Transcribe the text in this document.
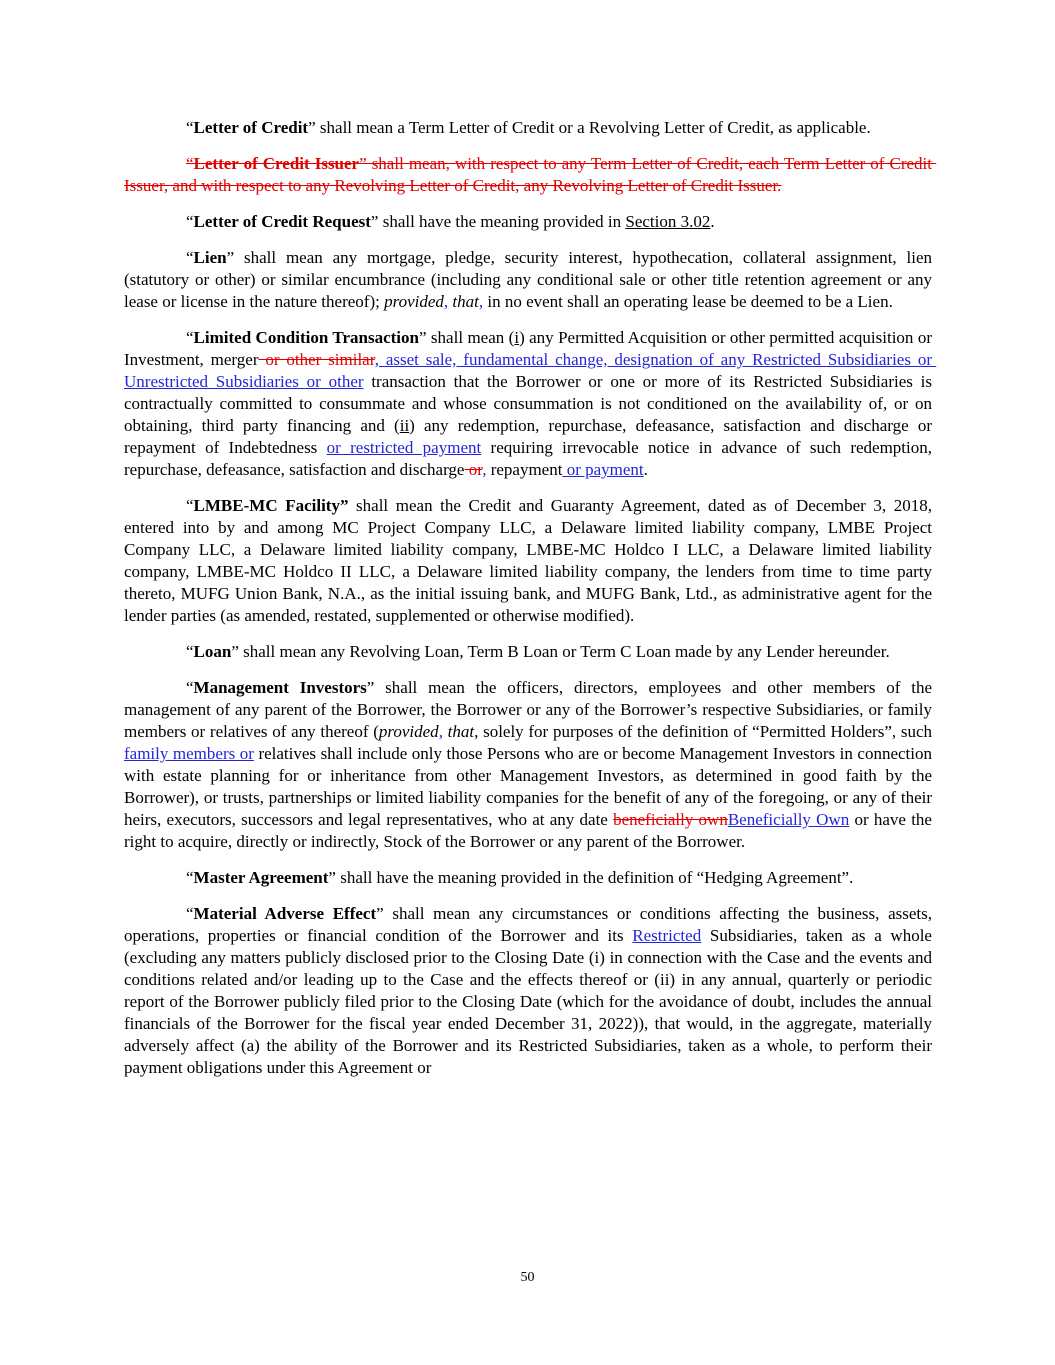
“Letter of Credit” shall mean a Term Letter of Credit or a Revolving Letter of Credit, as applicable.

“Letter of Credit Issuer” shall mean, with respect to any Term Letter of Credit, each Term Letter of Credit Issuer, and with respect to any Revolving Letter of Credit, any Revolving Letter of Credit Issuer.

“Letter of Credit Request” shall have the meaning provided in Section 3.02.

“Lien” shall mean any mortgage, pledge, security interest, hypothecation, collateral assignment, lien (statutory or other) or similar encumbrance (including any conditional sale or other title retention agreement or any lease or license in the nature thereof); provided, that, in no event shall an operating lease be deemed to be a Lien.

“Limited Condition Transaction” shall mean (i) any Permitted Acquisition or other permitted acquisition or Investment, merger or other similar, asset sale, fundamental change, designation of any Restricted Subsidiaries or Unrestricted Subsidiaries or other transaction that the Borrower or one or more of its Restricted Subsidiaries is contractually committed to consummate and whose consummation is not conditioned on the availability of, or on obtaining, third party financing and (ii) any redemption, repurchase, defeasance, satisfaction and discharge or repayment of Indebtedness or restricted payment requiring irrevocable notice in advance of such redemption, repurchase, defeasance, satisfaction and discharge or, repayment or payment.

“LMBE-MC Facility” shall mean the Credit and Guaranty Agreement, dated as of December 3, 2018, entered into by and among MC Project Company LLC, a Delaware limited liability company, LMBE Project Company LLC, a Delaware limited liability company, LMBE-MC Holdco I LLC, a Delaware limited liability company, LMBE-MC Holdco II LLC, a Delaware limited liability company, the lenders from time to time party thereto, MUFG Union Bank, N.A., as the initial issuing bank, and MUFG Bank, Ltd., as administrative agent for the lender parties (as amended, restated, supplemented or otherwise modified).

“Loan” shall mean any Revolving Loan, Term B Loan or Term C Loan made by any Lender hereunder.

“Management Investors” shall mean the officers, directors, employees and other members of the management of any parent of the Borrower, the Borrower or any of the Borrower’s respective Subsidiaries, or family members or relatives of any thereof (provided, that, solely for purposes of the definition of “Permitted Holders”, such family members or relatives shall include only those Persons who are or become Management Investors in connection with estate planning for or inheritance from other Management Investors, as determined in good faith by the Borrower), or trusts, partnerships or limited liability companies for the benefit of any of the foregoing, or any of their heirs, executors, successors and legal representatives, who at any date beneficially ownBeneficially Own or have the right to acquire, directly or indirectly, Stock of the Borrower or any parent of the Borrower.

“Master Agreement” shall have the meaning provided in the definition of “Hedging Agreement”.

“Material Adverse Effect” shall mean any circumstances or conditions affecting the business, assets, operations, properties or financial condition of the Borrower and its Restricted Subsidiaries, taken as a whole (excluding any matters publicly disclosed prior to the Closing Date (i) in connection with the Case and the events and conditions related and/or leading up to the Case and the effects thereof or (ii) in any annual, quarterly or periodic report of the Borrower publicly filed prior to the Closing Date (which for the avoidance of doubt, includes the annual financials of the Borrower for the fiscal year ended December 31, 2022)), that would, in the aggregate, materially adversely affect (a) the ability of the Borrower and its Restricted Subsidiaries, taken as a whole, to perform their payment obligations under this Agreement or

50
